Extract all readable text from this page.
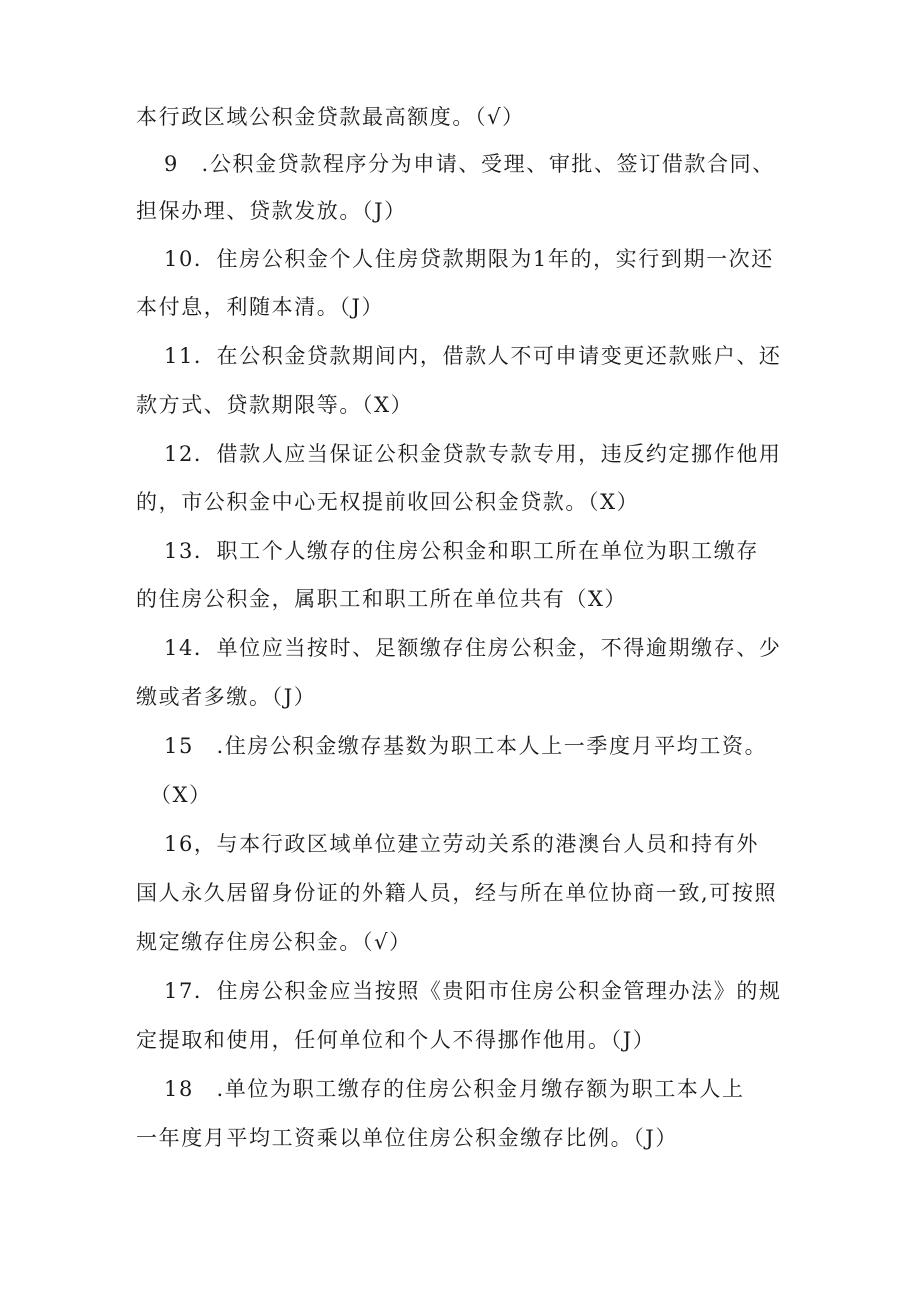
本行政区域公积金贷款最高额度。（√）
9　.公积金贷款程序分为申请、受理、审批、签订借款合同、
担保办理、贷款发放。（J）
10．住房公积金个人住房贷款期限为1年的，实行到期一次还
本付息，利随本清。（J）
11．在公积金贷款期间内，借款人不可申请变更还款账户、还
款方式、贷款期限等。（X）
12．借款人应当保证公积金贷款专款专用，违反约定挪作他用
的，市公积金中心无权提前收回公积金贷款。（X）
13．职工个人缴存的住房公积金和职工所在单位为职工缴存
的住房公积金，属职工和职工所在单位共有（X）
14．单位应当按时、足额缴存住房公积金，不得逾期缴存、少
缴或者多缴。（J）
15　.住房公积金缴存基数为职工本人上一季度月平均工资。
（X）
16，与本行政区域单位建立劳动关系的港澳台人员和持有外
国人永久居留身份证的外籍人员，经与所在单位协商一致,可按照
规定缴存住房公积金。（√）
17．住房公积金应当按照《贵阳市住房公积金管理办法》的规
定提取和使用，任何单位和个人不得挪作他用。（J）
18　.单位为职工缴存的住房公积金月缴存额为职工本人上
一年度月平均工资乘以单位住房公积金缴存比例。（J）
